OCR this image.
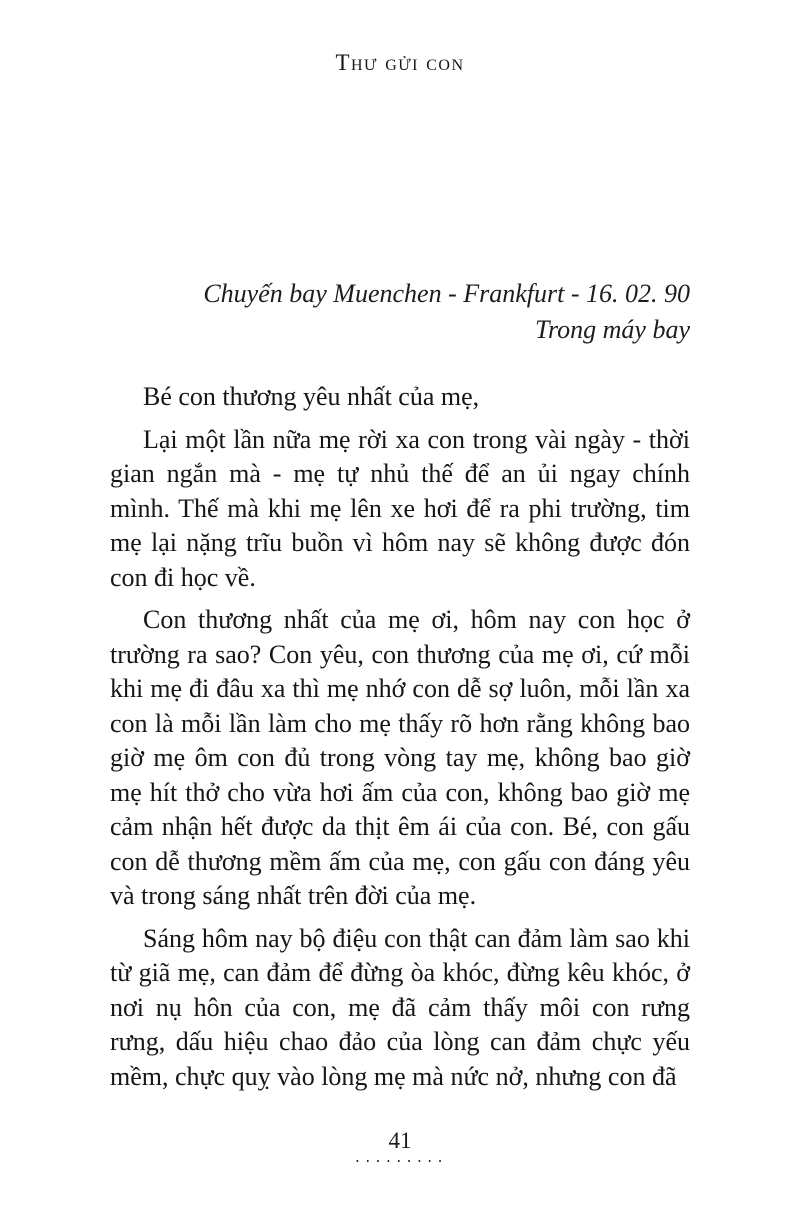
Thư gửi con
Chuyến bay Muenchen - Frankfurt - 16. 02. 90
Trong máy bay

Bé con thương yêu nhất của mẹ,

Lại một lần nữa mẹ rời xa con trong vài ngày - thời gian ngắn mà - mẹ tự nhủ thế để an ủi ngay chính mình. Thế mà khi mẹ lên xe hơi để ra phi trường, tim mẹ lại nặng trĩu buồn vì hôm nay sẽ không được đón con đi học về.

Con thương nhất của mẹ ơi, hôm nay con học ở trường ra sao? Con yêu, con thương của mẹ ơi, cứ mỗi khi mẹ đi đâu xa thì mẹ nhớ con dễ sợ luôn, mỗi lần xa con là mỗi lần làm cho mẹ thấy rõ hơn rằng không bao giờ mẹ ôm con đủ trong vòng tay mẹ, không bao giờ mẹ hít thở cho vừa hơi ấm của con, không bao giờ mẹ cảm nhận hết được da thịt êm ái của con. Bé, con gấu con dễ thương mềm ấm của mẹ, con gấu con đáng yêu và trong sáng nhất trên đời của mẹ.

Sáng hôm nay bộ điệu con thật can đảm làm sao khi từ giã mẹ, can đảm để đừng òa khóc, đừng kêu khóc, ở nơi nụ hôn của con, mẹ đã cảm thấy môi con rưng rưng, dấu hiệu chao đảo của lòng can đảm chực yếu mềm, chực quỵ vào lòng mẹ mà nức nở, nhưng con đã

41
.........
